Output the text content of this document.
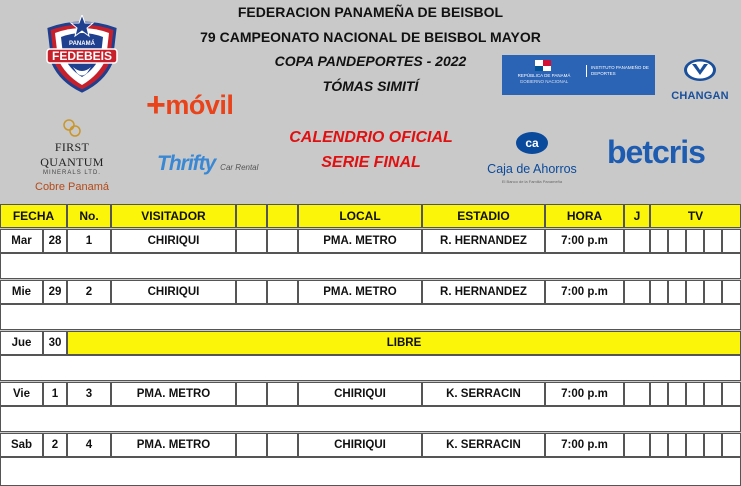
FEDERACION PANAMEÑA DE BEISBOL
79 CAMPEONATO NACIONAL DE BEISBOL MAYOR
COPA PANDEPORTES - 2022
TÓMAS SIMITÍ
CALENDRIO OFICIAL
SERIE FINAL
FEDEBEIS
PANAMÁ
+móvil
FIRST QUANTUM
MINERALS LTD.
Cobre Panamá
Thrifty Car Rental
REPÚBLICA DE PANAMÁ
GOBIERNO NACIONAL
INSTITUTO PANAMEÑO DE DEPORTES
CHANGAN
ca
Caja de Ahorros
El Banco de la Familia Panameña
betcris
FECHA	No.	VISITADOR	LOCAL	ESTADIO	HORA	J	TV
Mar	28	1	CHIRIQUI	PMA. METRO	R. HERNANDEZ	7:00 p.m
Mie	29	2	CHIRIQUI	PMA. METRO	R. HERNANDEZ	7:00 p.m
Jue	30	LIBRE
Vie	1	3	PMA. METRO	CHIRIQUI	K. SERRACIN	7:00 p.m
Sab	2	4	PMA. METRO	CHIRIQUI	K. SERRACIN	7:00 p.m
